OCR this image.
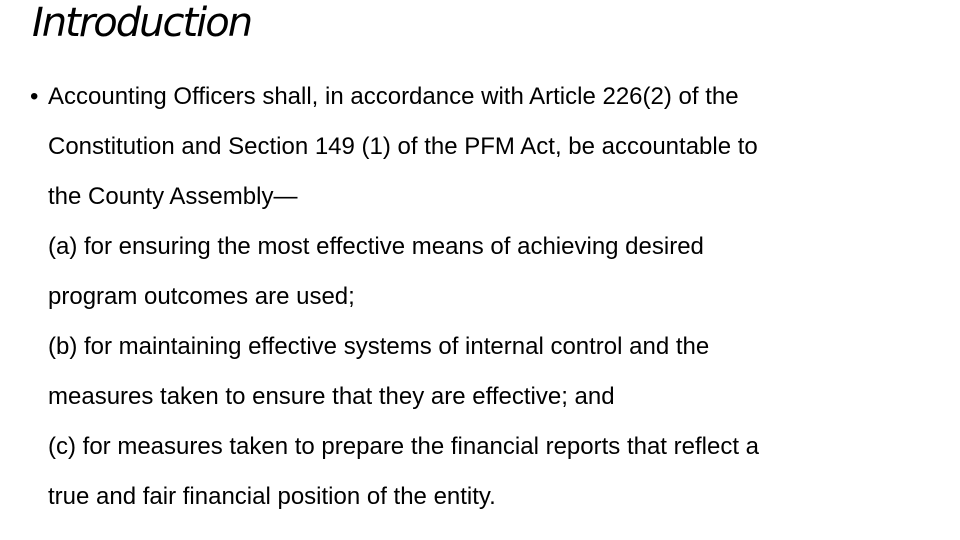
Introduction
• Accounting Officers shall, in accordance with Article 226(2) of the
Constitution and Section 149 (1) of the PFM Act, be accountable to
the County Assembly—
(a) for ensuring the most effective means of achieving desired
program outcomes are used;
(b) for maintaining effective systems of internal control and the
measures taken to ensure that they are effective; and
(c) for measures taken to prepare the financial reports that reflect a
true and fair financial position of the entity.
